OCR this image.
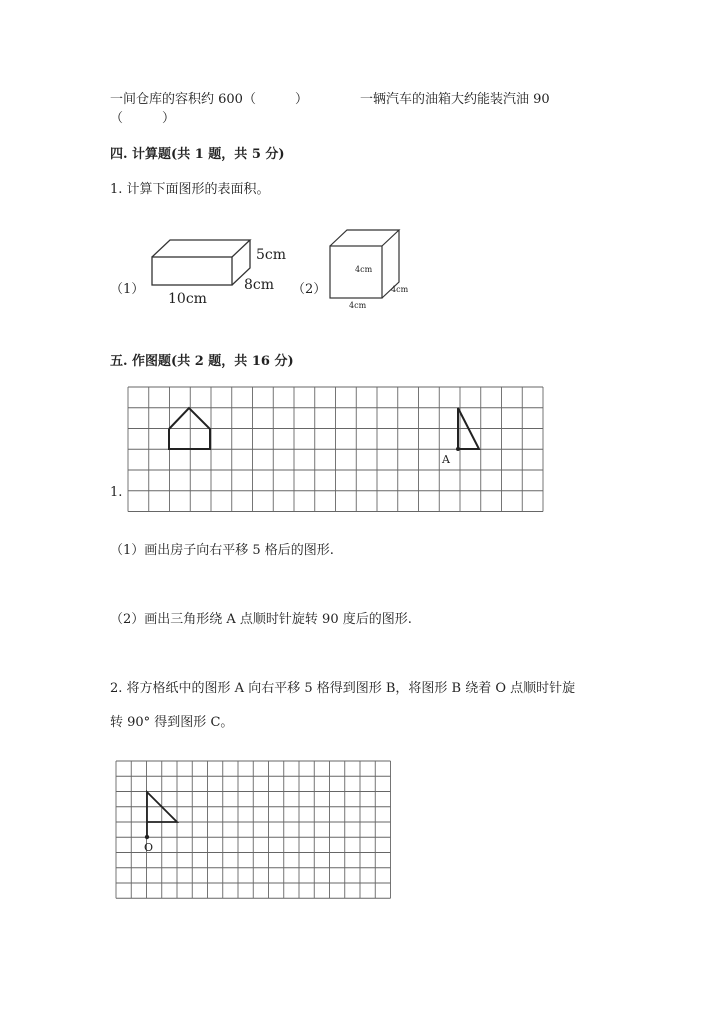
一间仓库的容积约 600（　　　）	一辆汽车的油箱大约能装汽油 90
（　　　）
四. 计算题(共 1 题，共 5 分)
1. 计算下面图形的表面积。
（1）
5cm
8cm
10cm
（2）
4cm
4cm
4cm
五. 作图题(共 2 题，共 16 分)
A
1.
（1）画出房子向右平移 5 格后的图形.
（2）画出三角形绕 A 点顺时针旋转 90 度后的图形.
2. 将方格纸中的图形 A 向右平移 5 格得到图形 B，将图形 B 绕着 O 点顺时针旋
转 90° 得到图形 C。
O
